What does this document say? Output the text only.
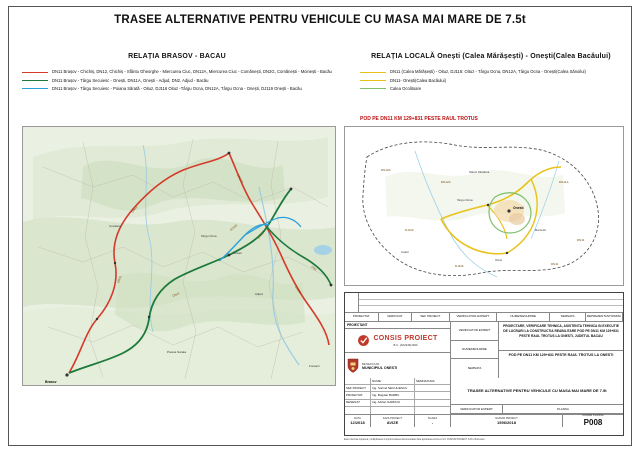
TRASEE ALTERNATIVE PENTRU VEHICULE CU MASA MAI MARE DE 7.5t
RELAȚIA BRASOV - BACAU
DN11 Brașov - Chichiș, DN12, Chichiș - Sfântu Gheorghe - Miercurea Ciuc, DN12A, Miercurea Ciuc - Comănești, DN2G, Comănești - Moinești - Bacău
DN11 Brașov - Târgu Secuiesc - Onești, DN11A, Onești - Adjud, DN2, Adjud - Bacău
DN11 Brașov - Târgu Secuiesc - Poiana Sărată - Oituz, DJ116 Oituz -Târgu Ocna, DN12A, Târgu Ocna - Onești, DJ119 Onești - Bacău
RELAȚIA LOCALĂ Onești (Calea Mărășești) - Onești(Calea Bacăului)
DN11 (Calea Mărășești) - Oituz, DJ116: Oituz - Târgu Ocna, DN12A, Târgu Ocna - Onești(Calea Sănoilui)
DN11- Onești(Calea Bacăului)
Calea Ocolitoare
POD PE DN11 KM 129+831 PESTE RAUL TROTUS
Brasov
Onesti
Focsani
Poiana Sarata
Covasna
Adjud
Targu Ocna
DN11
DN12
DN12A
DN2G
DN11
DN11A
DN2
DJ116
Onesti
Targu Ocna
Oituz
Borzesti
Slanic Moldova
Caiuti
DN12A
DN12A	DN11A
DN11
DJ119
DJ116	DN11
PROIECTAT	VERIFICAT	SEF PROIECT	VERIFICATOR EXPERT	NUME/DENUMIRE	SEMNATA	REPREZENTANT/FIRMA
PROIECTANT
CONSIS PROIECT
B.C. (A02346)1990
BENEFICIAR
MUNICIPIUL ONESTI
VERIFICATOR EXPERT
NUME/DENUMIRE
SEMNATA
PROIECTARE, VERIFICARE TEHNICA, ASISTENTA TEHNICA IN EXECUTIE DE LUCRARI LA CONSTRUCTIA REABILITARE POD PE DN11 KM 129+831 PESTE RAUL TROTUS LA ONESTI, JUDETUL BACAU
POD PE DN11 KM 129+831 PESTE RAUL TROTUS LA ONESTI
NUME	SEMNATURA
SEF PROIECT	Ing. Sorinel NECULIESCU
PROIECTAT	Ing. Bogdan BARBU
DESENAT	Ing. Adrian NARDUU
TRASEE ALTERNATIVE PENTRU VEHICULE CU MASA MAI MARE DE 7.5t
VERIFICATOR EXPERT	PLANSA
DATA
12/2018
FAZA PROIECT
AVIZE
SCARA
-
NUMAR PROIECT
1596/2018
NUMAR PLANSA
P008
Este interzisa copierea, multiplicarea si imprumutarea documentatiei fara aprobarea scrisa a S.C CONSIS PROIECT S.R.L Bucuresti
